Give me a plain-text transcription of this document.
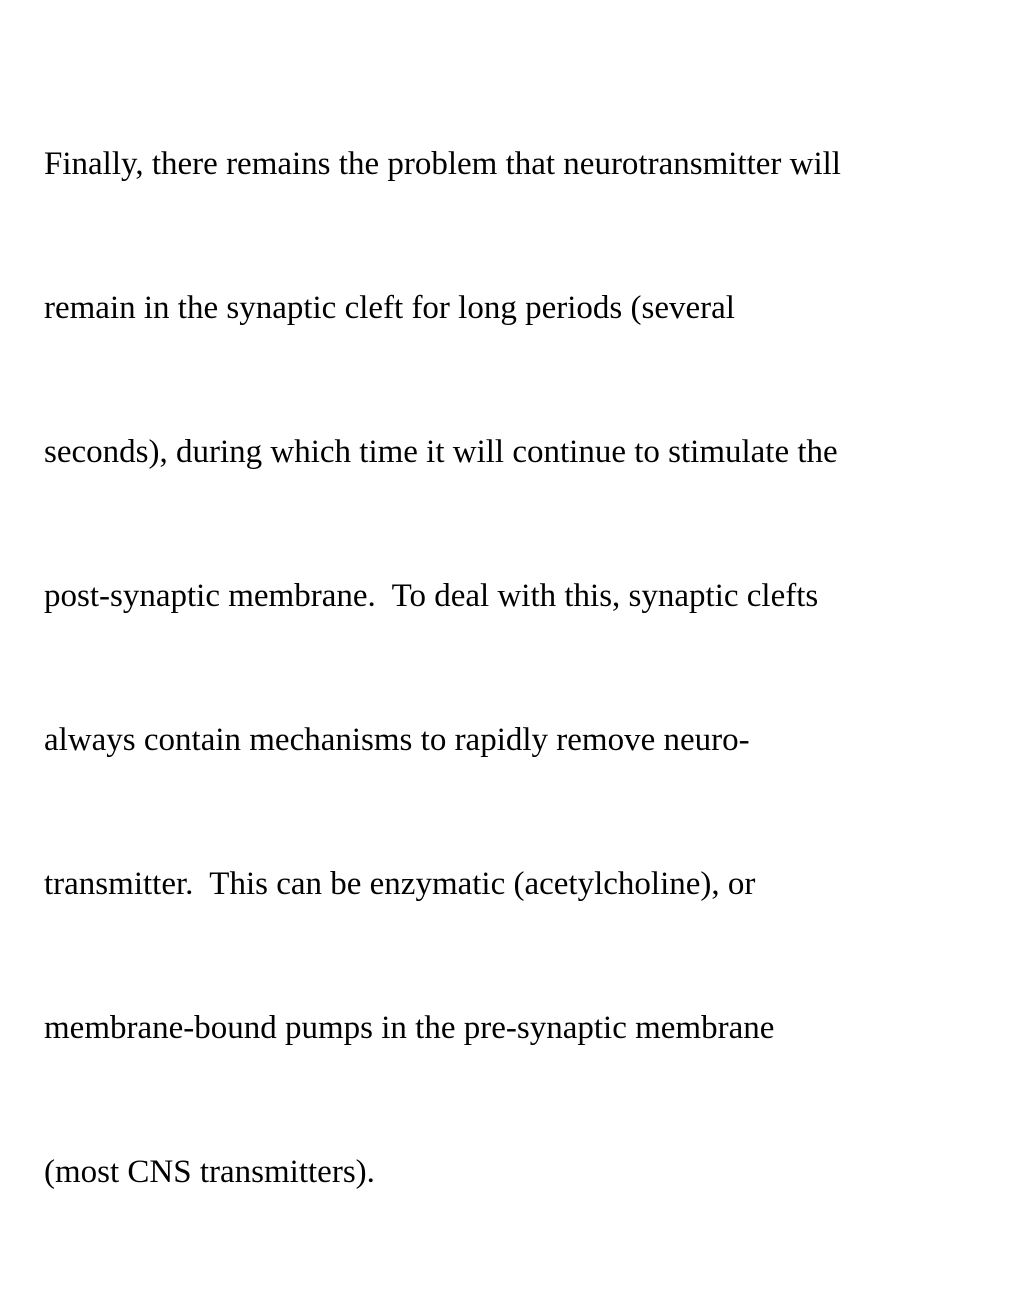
Finally, there remains the problem that neurotransmitter will

remain in the synaptic cleft for long periods (several

seconds), during which time it will continue to stimulate the

post-synaptic membrane.  To deal with this, synaptic clefts

always contain mechanisms to rapidly remove neuro-

transmitter.  This can be enzymatic (acetylcholine), or

membrane-bound pumps in the pre-synaptic membrane

(most CNS transmitters).
